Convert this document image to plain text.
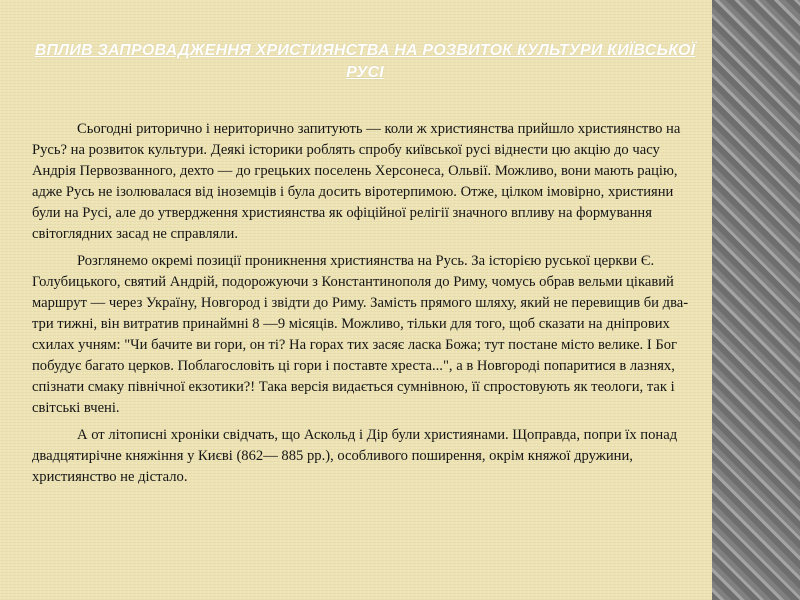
ВПЛИВ ЗАПРОВАДЖЕННЯ ХРИСТИЯНСТВА НА РОЗВИТОК КУЛЬТУРИ КИЇВСЬКОЇ РУСІ

Сьогодні риторично і нериторично запитують — коли ж християнства прийшло християнство на Русь? на розвиток культури. Деякі історики роблять спробу київської русі віднести цю акцію до часу Андрія Первозванного, дехто — до грецьких поселень Херсонеса, Ольвії. Можливо, вони мають рацію, адже Русь не ізолювалася від іноземців і була досить віротерпимою. Отже, цілком імовірно, християни були на Русі, але до утвердження християнства як офіційної релігії значного впливу на формування світоглядних засад не справляли.

Розглянемо окремі позиції проникнення християнства на Русь. За історією руської церкви Є. Голубицького, святий Андрій, подорожуючи з Константинополя до Риму, чомусь обрав вельми цікавий маршрут — через Україну, Новгород і звідти до Риму. Замість прямого шляху, який не перевищив би два-три тижні, він витратив принаймні 8 —9 місяців. Можливо, тільки для того, щоб сказати на дніпрових схилах учням: "Чи бачите ви гори, он ті? На горах тих засяє ласка Божа; тут постане місто велике. І Бог побудує багато церков. Поблагословіть ці гори і поставте хреста...", а в Новгороді попаритися в лазнях, спізнати смаку північної екзотики?! Така версія видається сумнівною, її спростовують як теологи, так і світські вчені.

А от літописні хроніки свідчать, що Аскольд і Дір були християнами. Щоправда, попри їх понад двадцятирічне княжіння у Києві (862— 885 рр.), особливого поширення, окрім княжої дружини, християнство не дістало.
